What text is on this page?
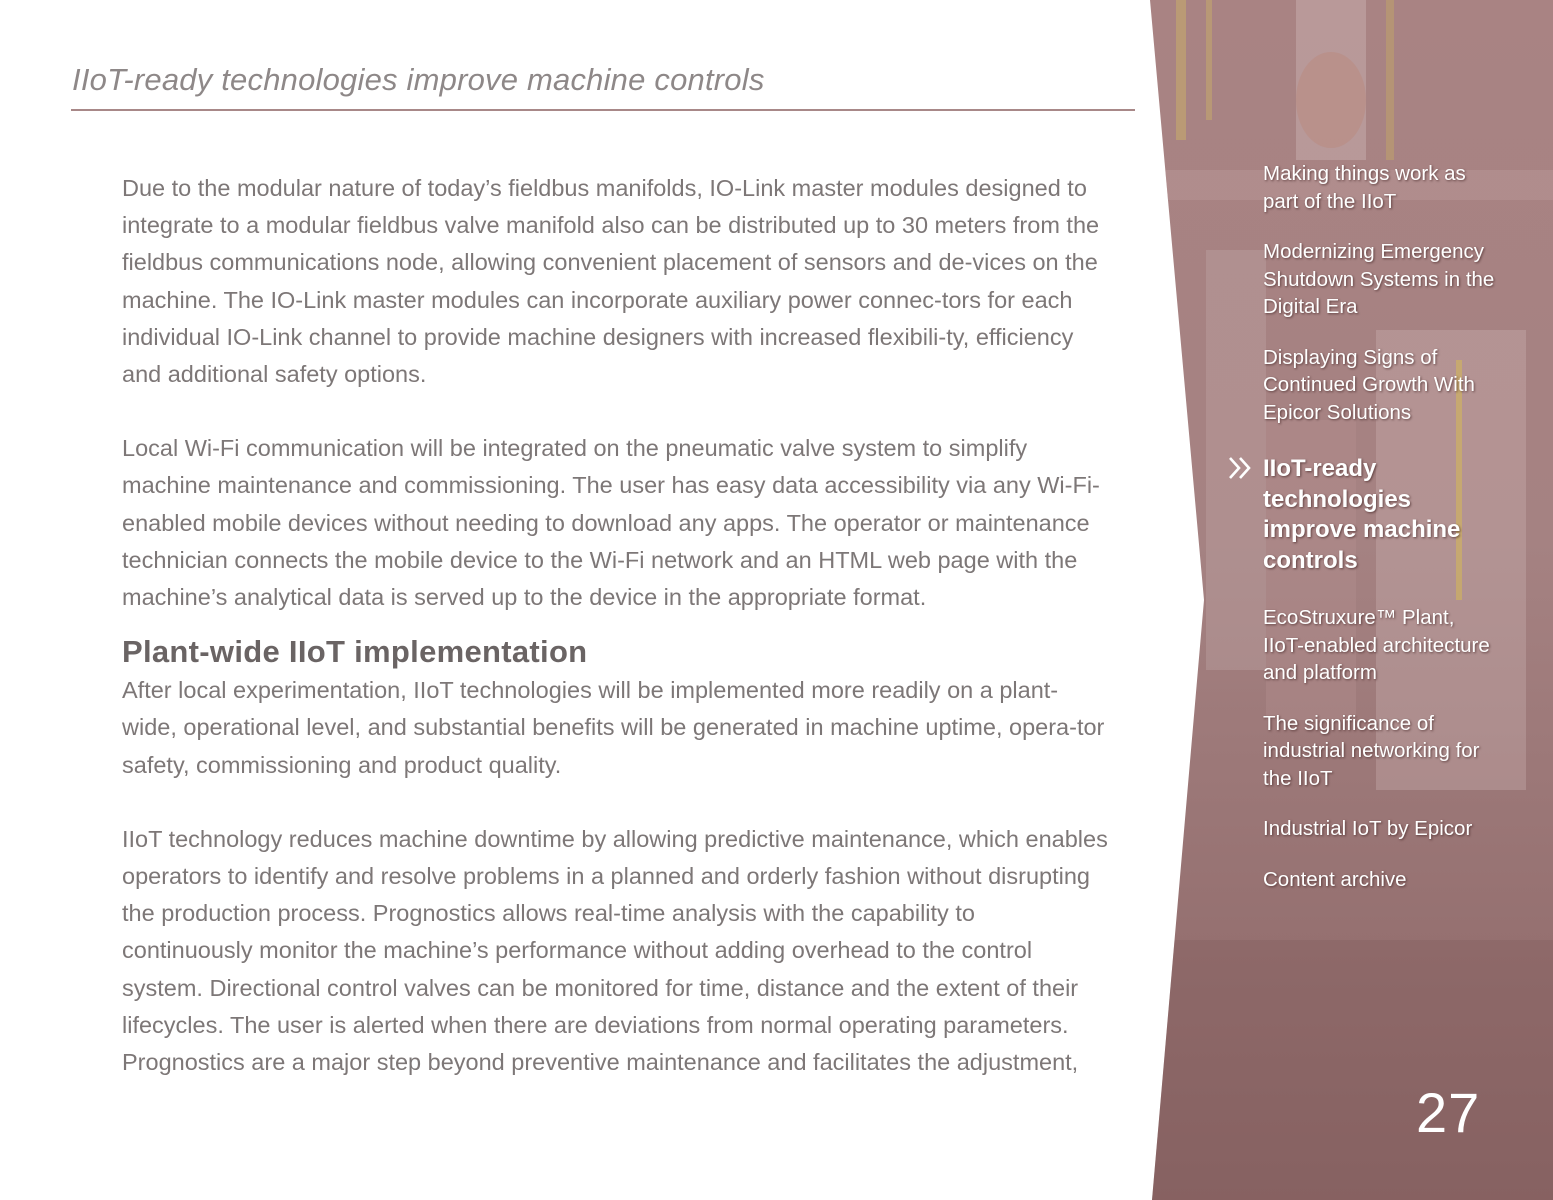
IIoT-ready technologies improve machine controls

Due to the modular nature of today’s fieldbus manifolds, IO-Link master modules designed to integrate to a modular fieldbus valve manifold also can be distributed up to 30 meters from the fieldbus communications node, allowing convenient placement of sensors and de-vices on the machine. The IO-Link master modules can incorporate auxiliary power connec-tors for each individual IO-Link channel to provide machine designers with increased flexibili-ty, efficiency and additional safety options.

Local Wi-Fi communication will be integrated on the pneumatic valve system to simplify machine maintenance and commissioning. The user has easy data accessibility via any Wi-Fi-enabled mobile devices without needing to download any apps. The operator or maintenance technician connects the mobile device to the Wi-Fi network and an HTML web page with the machine’s analytical data is served up to the device in the appropriate format.

Plant-wide IIoT implementation

After local experimentation, IIoT technologies will be implemented more readily on a plant-wide, operational level, and substantial benefits will be generated in machine uptime, opera-tor safety, commissioning and product quality.

IIoT technology reduces machine downtime by allowing predictive maintenance, which enables operators to identify and resolve problems in a planned and orderly fashion without disrupting the production process. Prognostics allows real-time analysis with the capability to continuously monitor the machine’s performance without adding overhead to the control system. Directional control valves can be monitored for time, distance and the extent of their lifecycles. The user is alerted when there are deviations from normal operating parameters. Prognostics are a major step beyond preventive maintenance and facilitates the adjustment,

Making things work as part of the IIoT
Modernizing Emergency Shutdown Systems in the Digital Era
Displaying Signs of Continued Growth With Epicor Solutions
IIoT-ready technologies improve machine controls
EcoStruxure™ Plant, IIoT-enabled architecture and platform
The significance of industrial networking for the IIoT
Industrial IoT by Epicor
Content archive
27
